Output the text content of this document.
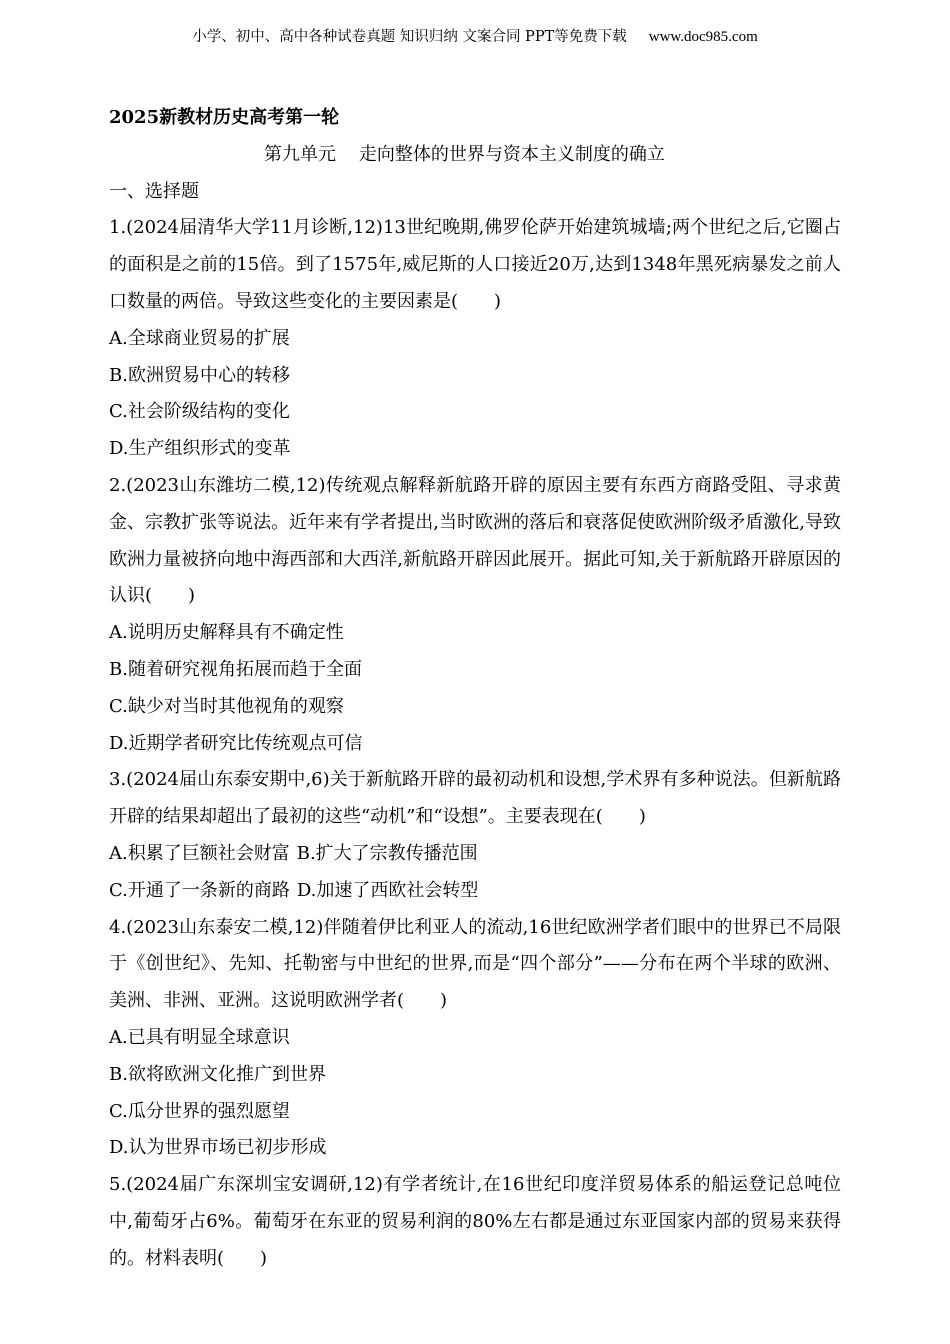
小学、初中、高中各种试卷真题 知识归纳 文案合同 PPT等免费下载 www.doc985.com

2025新教材历史高考第一轮

第九单元    走向整体的世界与资本主义制度的确立

一、选择题

1.(2024届清华大学11月诊断,12)13世纪晚期,佛罗伦萨开始建筑城墙;两个世纪之后,它圈占的面积是之前的15倍。到了1575年,威尼斯的人口接近20万,达到1348年黑死病暴发之前人口数量的两倍。导致这些变化的主要因素是(　　)

A.全球商业贸易的扩展

B.欧洲贸易中心的转移

C.社会阶级结构的变化

D.生产组织形式的变革

2.(2023山东潍坊二模,12)传统观点解释新航路开辟的原因主要有东西方商路受阻、寻求黄金、宗教扩张等说法。近年来有学者提出,当时欧洲的落后和衰落促使欧洲阶级矛盾激化,导致欧洲力量被挤向地中海西部和大西洋,新航路开辟因此展开。据此可知,关于新航路开辟原因的认识(　　)

A.说明历史解释具有不确定性

B.随着研究视角拓展而趋于全面

C.缺少对当时其他视角的观察

D.近期学者研究比传统观点可信

3.(2024届山东泰安期中,6)关于新航路开辟的最初动机和设想,学术界有多种说法。但新航路开辟的结果却超出了最初的这些“动机”和“设想”。主要表现在(　　)

A.积累了巨额社会财富 B.扩大了宗教传播范围

C.开通了一条新的商路 D.加速了西欧社会转型

4.(2023山东泰安二模,12)伴随着伊比利亚人的流动,16世纪欧洲学者们眼中的世界已不局限于《创世纪》、先知、托勒密与中世纪的世界,而是“四个部分”——分布在两个半球的欧洲、美洲、非洲、亚洲。这说明欧洲学者(　　)

A.已具有明显全球意识

B.欲将欧洲文化推广到世界

C.瓜分世界的强烈愿望

D.认为世界市场已初步形成

5.(2024届广东深圳宝安调研,12)有学者统计,在16世纪印度洋贸易体系的船运登记总吨位中,葡萄牙占6%。葡萄牙在东亚的贸易利润的80%左右都是通过东亚国家内部的贸易来获得的。材料表明(　　)
